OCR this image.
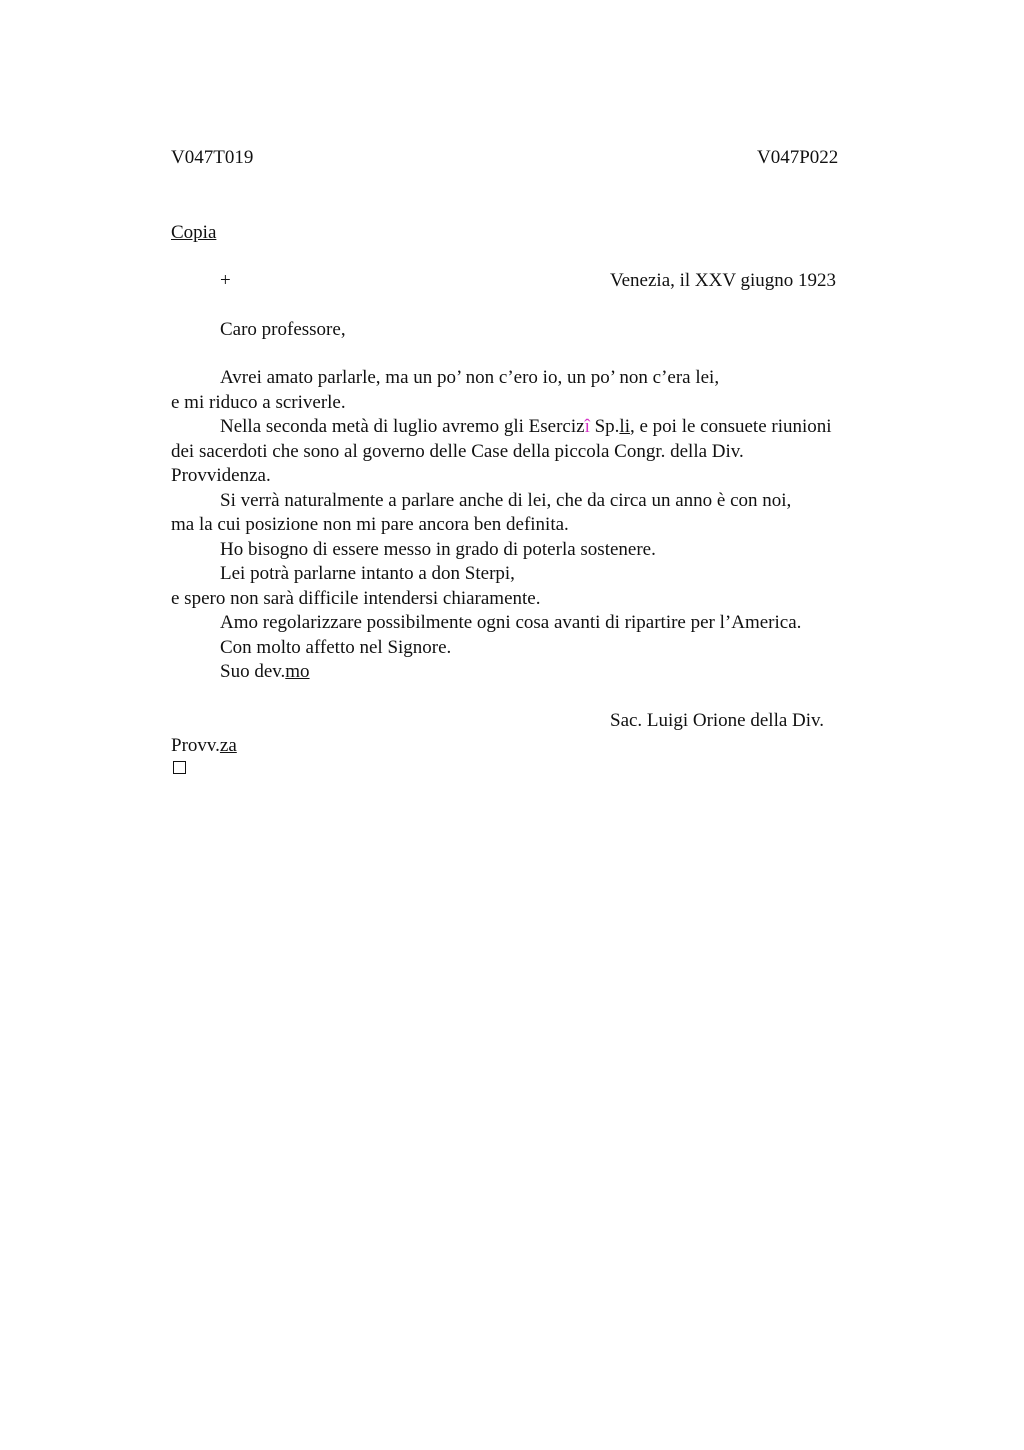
V047T019	V047P022
Copia
+	Venezia, il XXV giugno 1923
Caro professore,
Avrei amato parlarle, ma un po’ non c’ero io, un po’ non c’era lei,
e mi riduco a scriverle.
Nella seconda metà di luglio avremo gli Esercizî Sp.li, e poi le consuete riunioni
dei sacerdoti che sono al governo delle Case della piccola Congr. della Div.
Provvidenza.
Si verrà naturalmente a parlare anche di lei, che da circa un anno è con noi,
ma la cui posizione non mi pare ancora ben definita.
Ho bisogno di essere messo in grado di poterla sostenere.
Lei potrà parlarne intanto a don Sterpi,
e spero non sarà difficile intendersi chiaramente.
Amo regolarizzare possibilmente ogni cosa avanti di ripartire per l’America.
Con molto affetto nel Signore.
Suo dev.mo
Sac. Luigi Orione della Div.
Provv.za
